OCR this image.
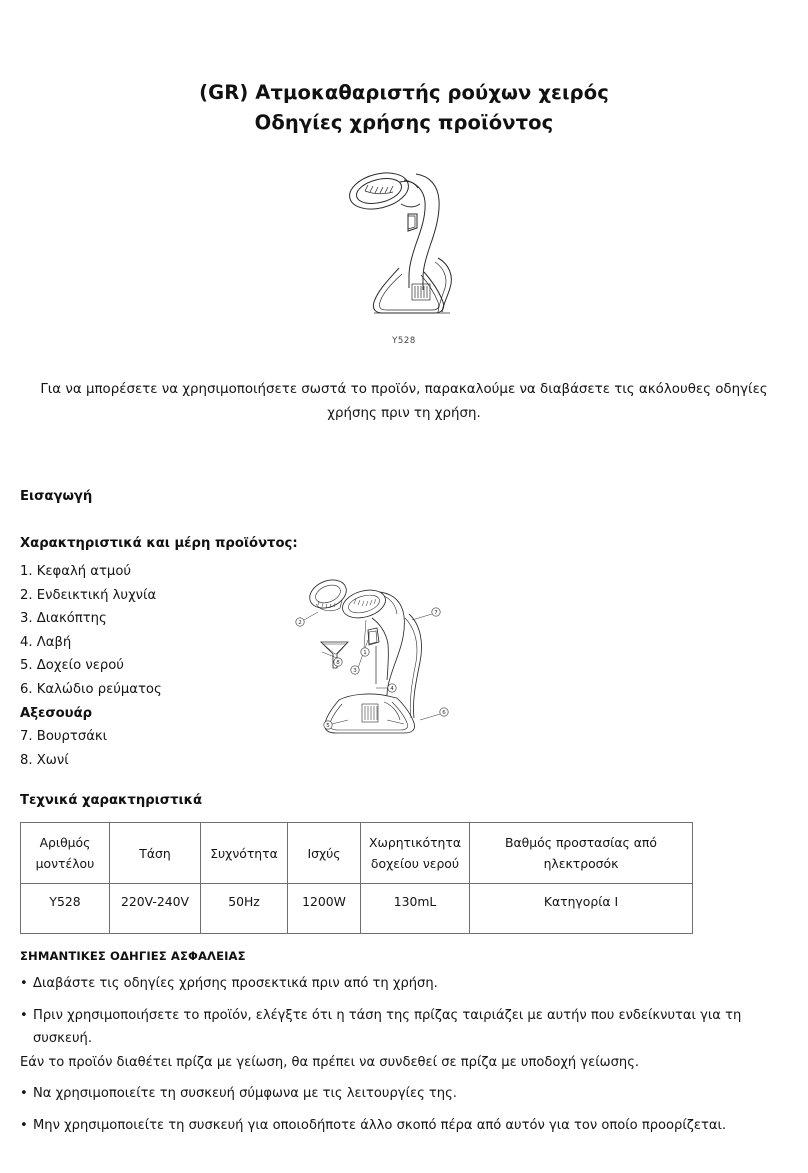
(GR) Ατμοκαθαριστής ρούχων χειρός
Οδηγίες χρήσης προϊόντος
Y528
Για να μπορέσετε να χρησιμοποιήσετε σωστά το προϊόν, παρακαλούμε να διαβάσετε τις ακόλουθες οδηγίες χρήσης πριν τη χρήση.
Εισαγωγή
Χαρακτηριστικά και μέρη προϊόντος:
1. Κεφαλή ατμού
2. Ενδεικτική λυχνία
3. Διακόπτης
4. Λαβή
5. Δοχείο νερού
6. Καλώδιο ρεύματος
Αξεσουάρ
7. Βουρτσάκι
8. Χωνί
2
1
8
3
4
5
7
6
Τεχνικά χαρακτηριστικά
Αριθμός μοντέλου	Τάση	Συχνότητα	Ισχύς	Χωρητικότητα δοχείου νερού	Βαθμός προστασίας από ηλεκτροσόκ
Y528	220V-240V	50Hz	1200W	130mL	Κατηγορία I
ΣΗΜΑΝΤΙΚΕΣ ΟΔΗΓΙΕΣ ΑΣΦΑΛΕΙΑΣ
• Διαβάστε τις οδηγίες χρήσης προσεκτικά πριν από τη χρήση.
• Πριν χρησιμοποιήσετε το προϊόν, ελέγξτε ότι η τάση της πρίζας ταιριάζει με αυτήν που ενδείκνυται για τη συσκευή.
Εάν το προϊόν διαθέτει πρίζα με γείωση, θα πρέπει να συνδεθεί σε πρίζα με υποδοχή γείωσης.
• Να χρησιμοποιείτε τη συσκευή σύμφωνα με τις λειτουργίες της.
• Μην χρησιμοποιείτε τη συσκευή για οποιοδήποτε άλλο σκοπό πέρα από αυτόν για τον οποίο προορίζεται.
